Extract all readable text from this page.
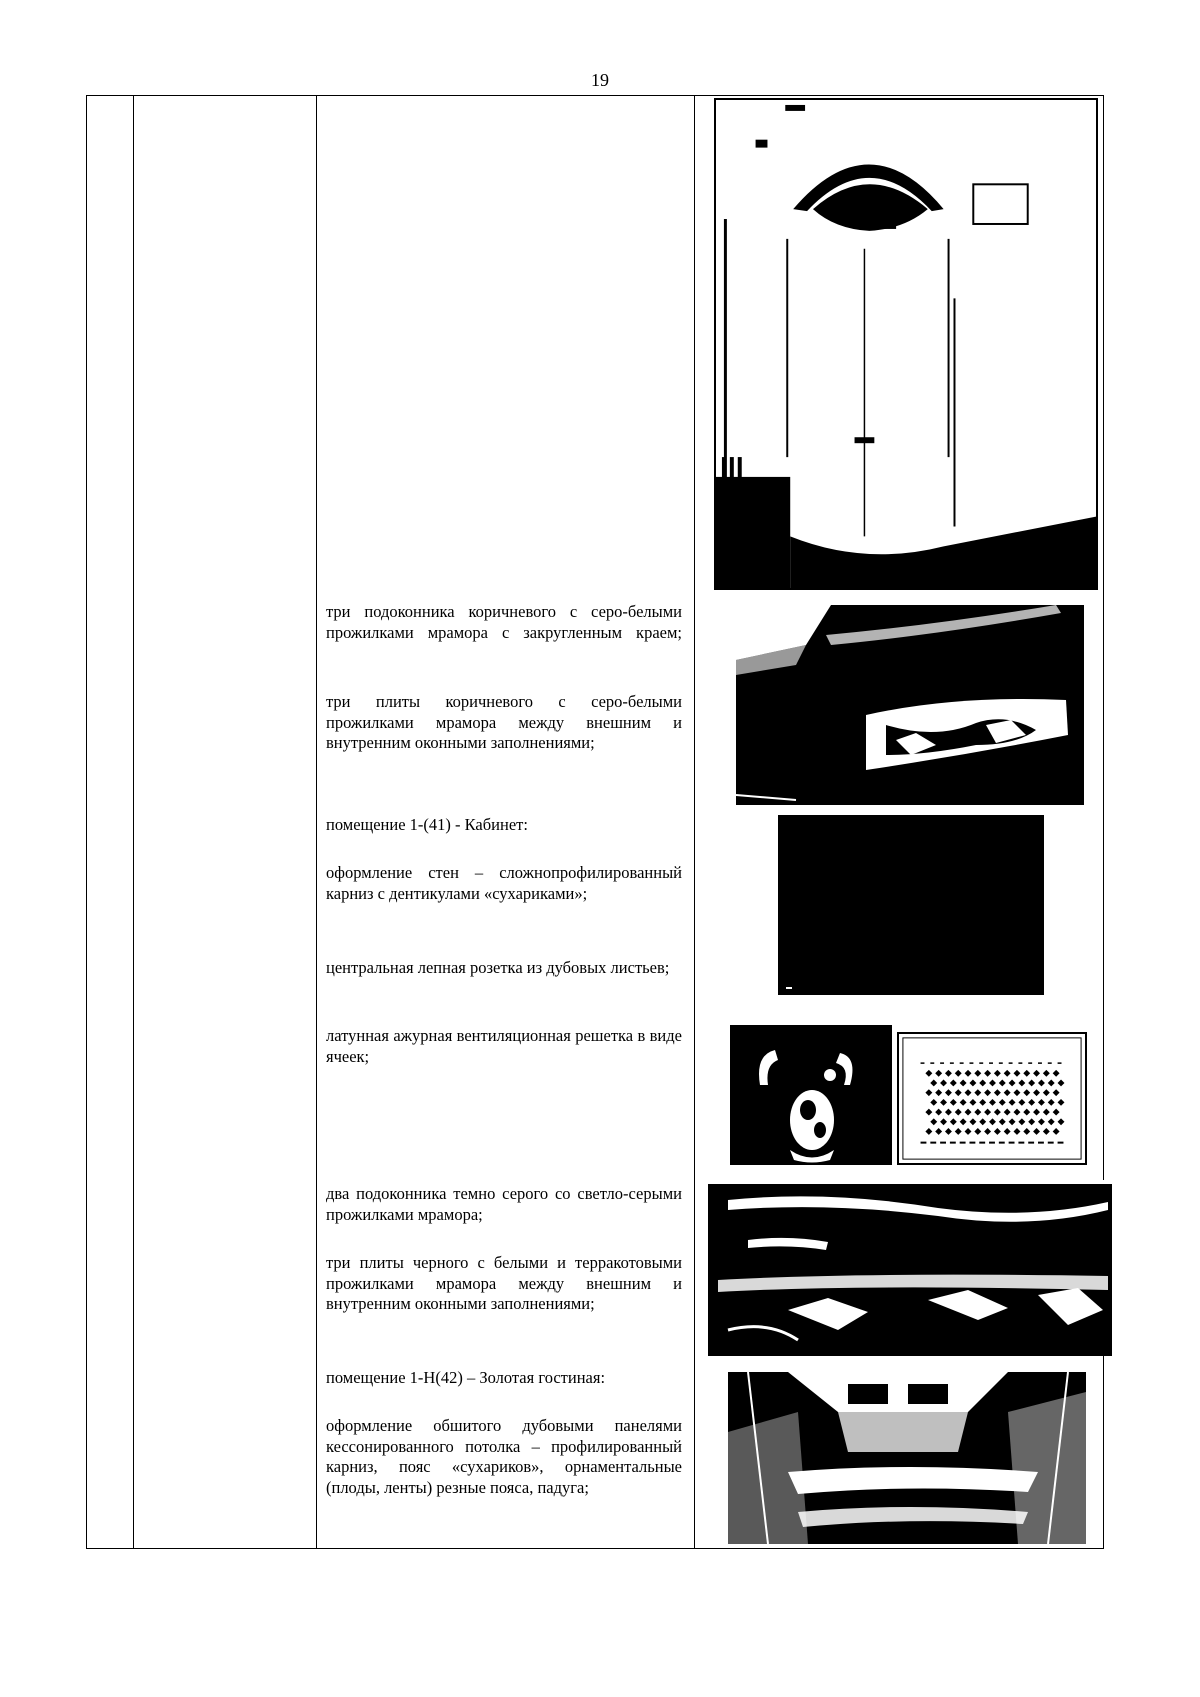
19
три подоконника коричневого с серо-белыми прожилками мрамора с закругленным краем;
три плиты коричневого с серо-белыми прожилками мрамора между внешним и внутренним оконными заполнениями;
помещение 1-(41) - Кабинет:
оформление стен – сложнопрофилированный карниз с дентикулами «сухариками»;
центральная лепная розетка из дубовых листьев;
латунная ажурная вентиляционная решетка в виде ячеек;
два подоконника темно серого со светло-серыми прожилками мрамора;
три плиты черного с белыми и терракотовыми прожилками мрамора между внешним и внутренним оконными заполнениями;
помещение 1-Н(42) – Золотая гостиная:
оформление обшитого дубовыми панелями кессонированного потолка – профилированный карниз, пояс «сухариков», орнаментальные (плоды, ленты) резные пояса, падуга;
